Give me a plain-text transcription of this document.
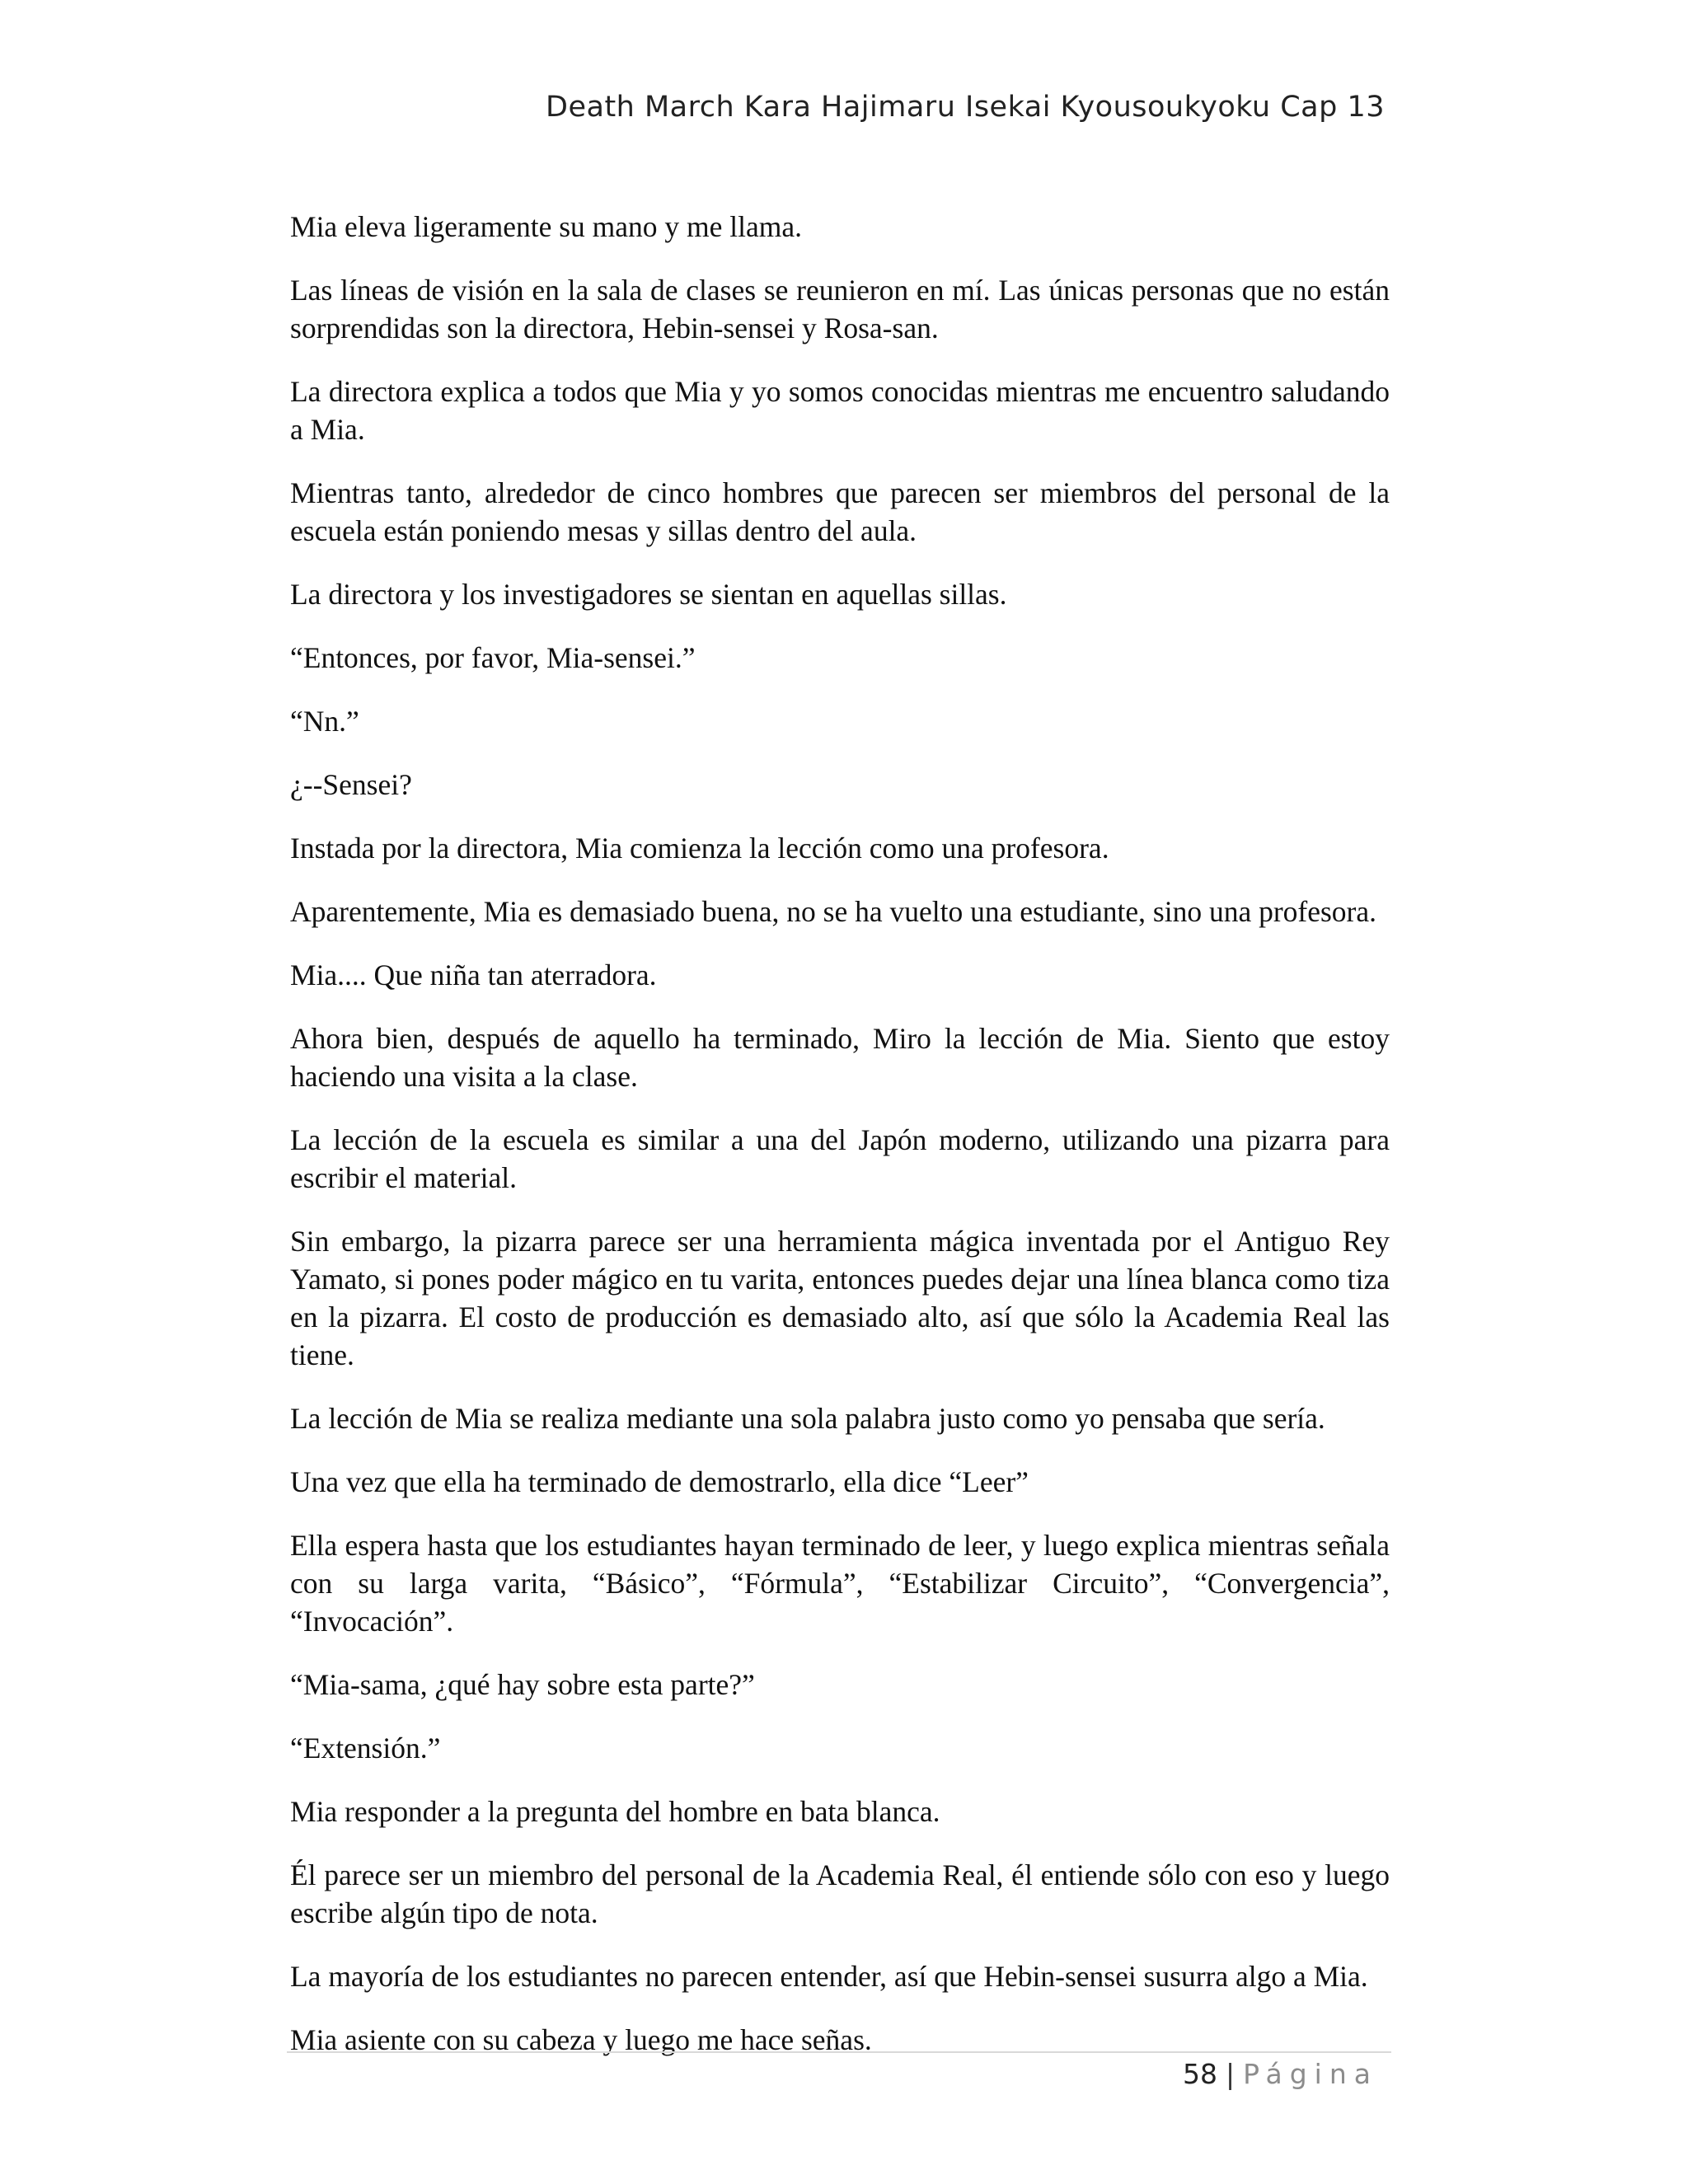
Death March Kara Hajimaru Isekai Kyousoukyoku Cap 13

Mia eleva ligeramente su mano y me llama.

Las líneas de visión en la sala de clases se reunieron en mí. Las únicas personas que no están sorprendidas son la directora, Hebin-sensei y Rosa-san.

La directora explica a todos que Mia y yo somos conocidas mientras me encuentro saludando a Mia.

Mientras tanto, alrededor de cinco hombres que parecen ser miembros del personal de la escuela están poniendo mesas y sillas dentro del aula.

La directora y los investigadores se sientan en aquellas sillas.

“Entonces, por favor, Mia-sensei.”

“Nn.”

¿--Sensei?

Instada por la directora, Mia comienza la lección como una profesora.

Aparentemente, Mia es demasiado buena, no se ha vuelto una estudiante, sino una profesora.

Mia.... Que niña tan aterradora.

Ahora bien, después de aquello ha terminado, Miro la lección de Mia. Siento que estoy haciendo una visita a la clase.

La lección de la escuela es similar a una del Japón moderno, utilizando una pizarra para escribir el material.

Sin embargo, la pizarra parece ser una herramienta mágica inventada por el Antiguo Rey Yamato, si pones poder mágico en tu varita, entonces puedes dejar una línea blanca como tiza en la pizarra. El costo de producción es demasiado alto, así que sólo la Academia Real las tiene.

La lección de Mia se realiza mediante una sola palabra justo como yo pensaba que sería.

Una vez que ella ha terminado de demostrarlo, ella dice “Leer”

Ella espera hasta que los estudiantes hayan terminado de leer, y luego explica mientras señala con su larga varita, “Básico”, “Fórmula”, “Estabilizar Circuito”, “Convergencia”, “Invocación”.

“Mia-sama, ¿qué hay sobre esta parte?”

“Extensión.”

Mia responder a la pregunta del hombre en bata blanca.

Él parece ser un miembro del personal de la Academia Real, él entiende sólo con eso y luego escribe algún tipo de nota.

La mayoría de los estudiantes no parecen entender, así que Hebin-sensei susurra algo a Mia.

Mia asiente con su cabeza y luego me hace señas.

58 | Página
